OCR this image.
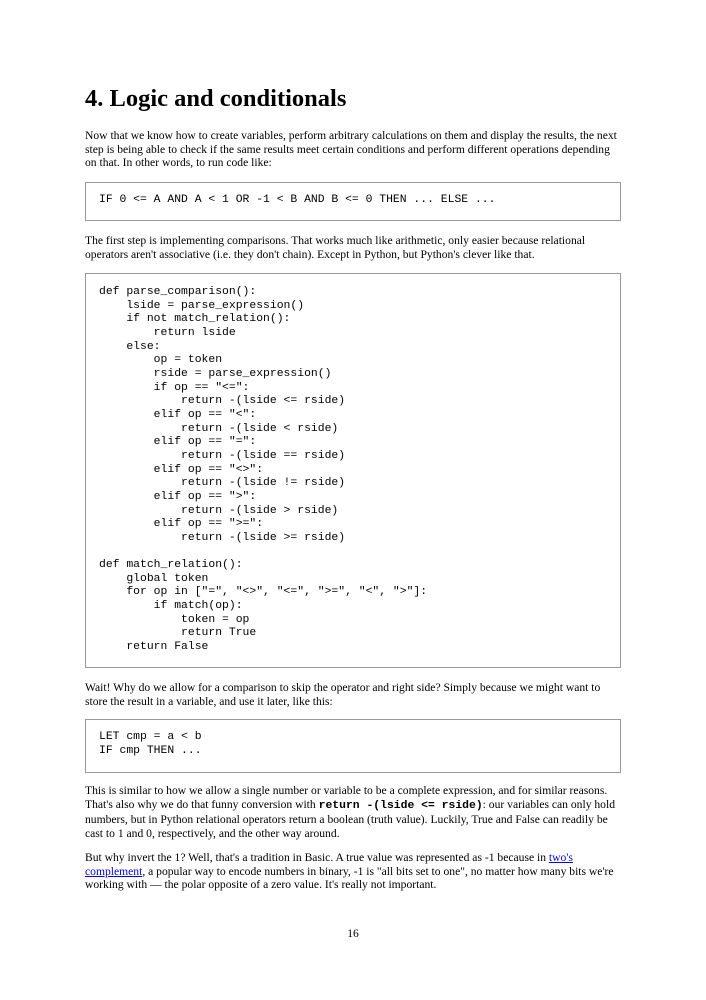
4. Logic and conditionals

Now that we know how to create variables, perform arbitrary calculations on them and display the results, the next step is being able to check if the same results meet certain conditions and perform different operations depending on that. In other words, to run code like:

IF 0 <= A AND A < 1 OR -1 < B AND B <= 0 THEN ... ELSE ...

The first step is implementing comparisons. That works much like arithmetic, only easier because relational operators aren't associative (i.e. they don't chain). Except in Python, but Python's clever like that.

def parse_comparison():
lside = parse_expression()
if not match_relation():
return lside
else:
op = token
rside = parse_expression()
if op == "<=":
return -(lside <= rside)
elif op == "<":
return -(lside < rside)
elif op == "=":
return -(lside == rside)
elif op == "<>":
return -(lside != rside)
elif op == ">":
return -(lside > rside)
elif op == ">=":
return -(lside >= rside)

def match_relation():
global token
for op in ["=", "<>", "<=", ">=", "<", ">"]:
if match(op):
token = op
return True
return False

Wait! Why do we allow for a comparison to skip the operator and right side? Simply because we might want to store the result in a variable, and use it later, like this:

LET cmp = a < b
IF cmp THEN ...

This is similar to how we allow a single number or variable to be a complete expression, and for similar reasons. That's also why we do that funny conversion with return -(lside <= rside): our variables can only hold numbers, but in Python relational operators return a boolean (truth value). Luckily, True and False can readily be cast to 1 and 0, respectively, and the other way around.

But why invert the 1? Well, that's a tradition in Basic. A true value was represented as -1 because in two's complement, a popular way to encode numbers in binary, -1 is "all bits set to one", no matter how many bits we're working with — the polar opposite of a zero value. It's really not important.

16
